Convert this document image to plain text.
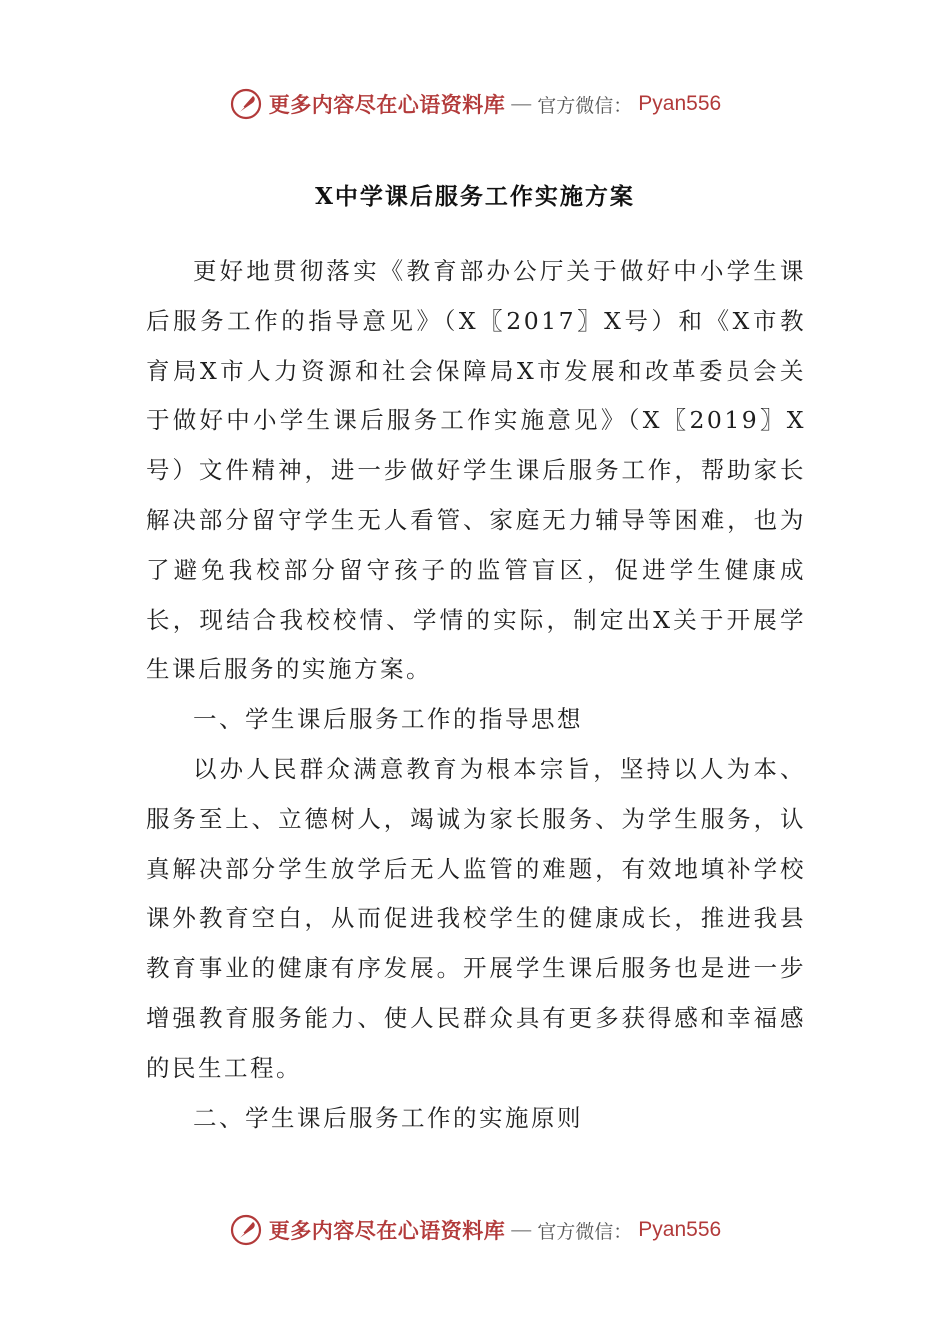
更多内容尽在心语资料库 — 官方微信： Pyan556
X中学课后服务工作实施方案

更好地贯彻落实《教育部办公厅关于做好中小学生课后服务工作的指导意见》（X〖2017〗X号）和《X市教育局X市人力资源和社会保障局X市发展和改革委员会关于做好中小学生课后服务工作实施意见》（X〖2019〗X号）文件精神，进一步做好学生课后服务工作，帮助家长解决部分留守学生无人看管、家庭无力辅导等困难，也为了避免我校部分留守孩子的监管盲区，促进学生健康成长，现结合我校校情、学情的实际，制定出X关于开展学生课后服务的实施方案。

一、学生课后服务工作的指导思想

以办人民群众满意教育为根本宗旨，坚持以人为本、服务至上、立德树人，竭诚为家长服务、为学生服务，认真解决部分学生放学后无人监管的难题，有效地填补学校课外教育空白，从而促进我校学生的健康成长，推进我县教育事业的健康有序发展。开展学生课后服务也是进一步增强教育服务能力、使人民群众具有更多获得感和幸福感的民生工程。

二、学生课后服务工作的实施原则

更多内容尽在心语资料库 — 官方微信： Pyan556
